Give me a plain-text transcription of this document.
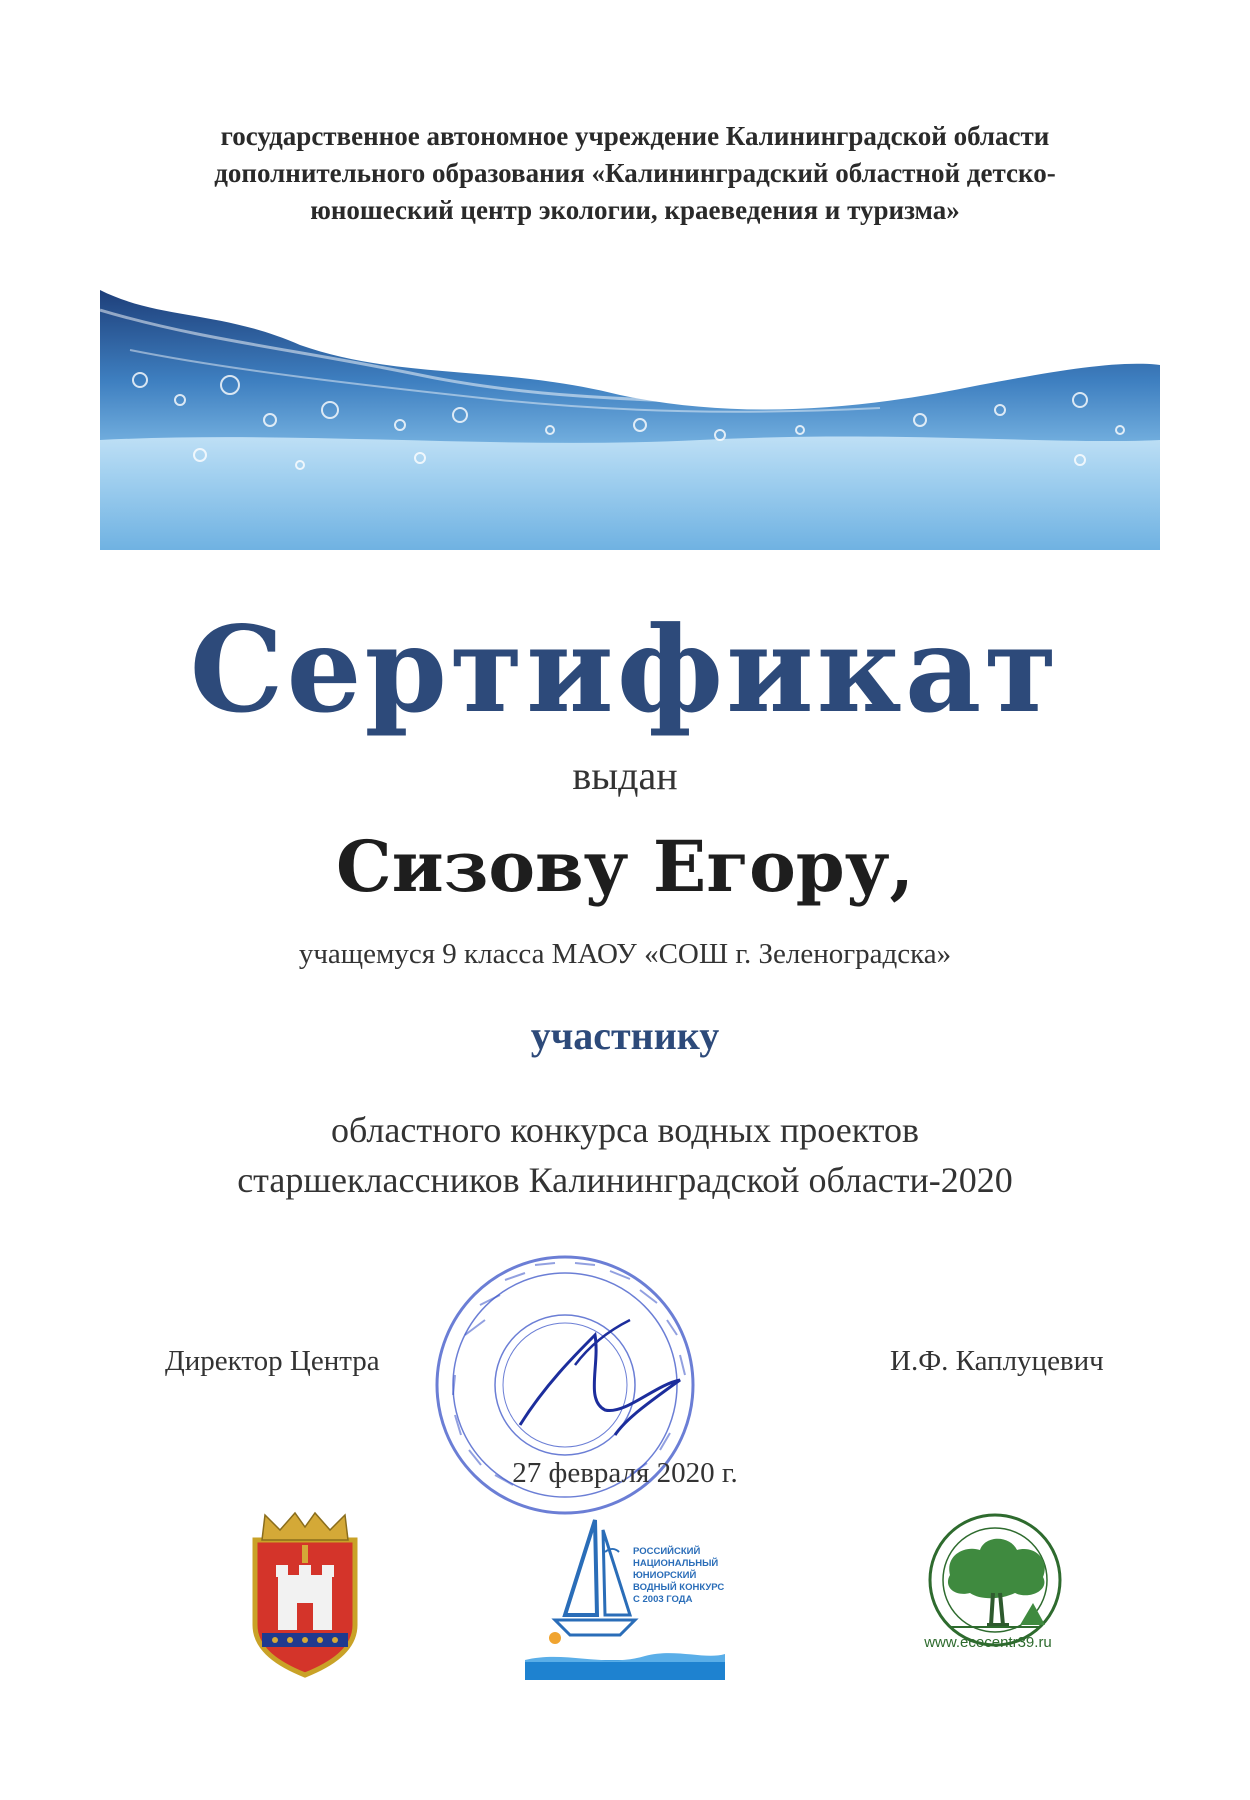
государственное автономное учреждение Калининградской области
дополнительного образования «Калининградский областной детско-
юношеский центр экологии, краеведения и туризма»
Сертификат
выдан
Сизову Егору,
учащемуся 9 класса МАОУ «СОШ г. Зеленоградска»
участнику
областного конкурса водных проектов
старшеклассников Калининградской области-2020
Директор Центра	И.Ф. Каплуцевич
27 февраля 2020 г.
РОССИЙСКИЙ
НАЦИОНАЛЬНЫЙ
ЮНИОРСКИЙ
ВОДНЫЙ КОНКУРС
С 2003 ГОДА
www.ecocentr39.ru
